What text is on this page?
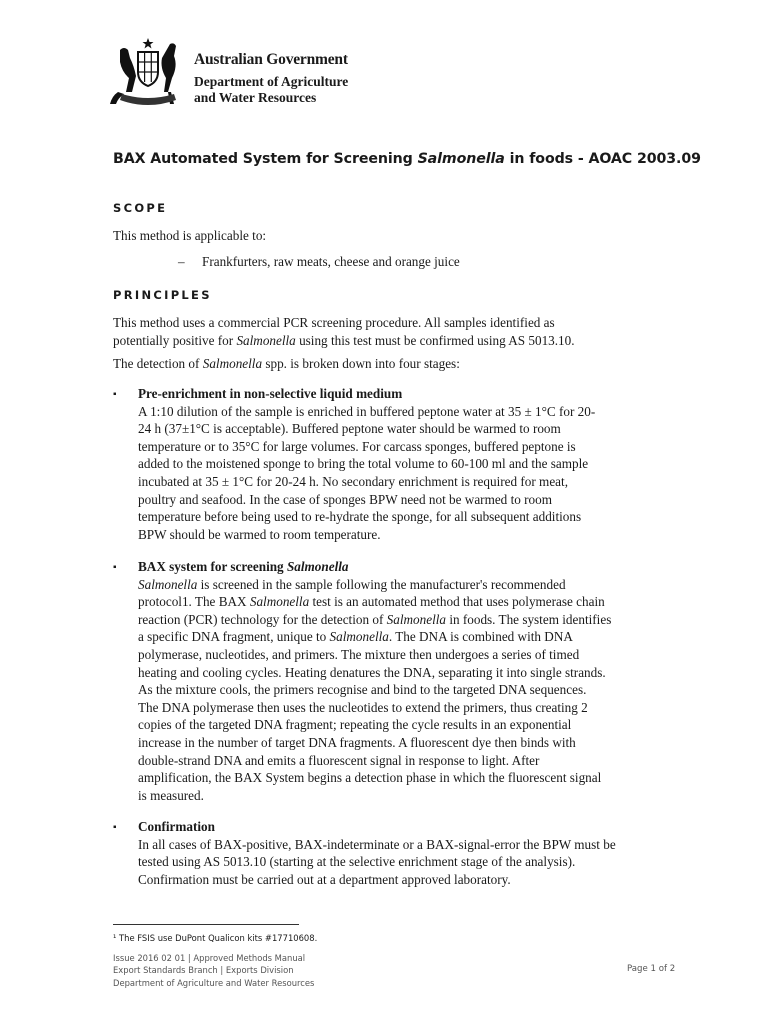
Australian Government
Department of Agriculture
and Water Resources
BAX Automated System for Screening Salmonella in foods - AOAC 2003.09
SCOPE
This method is applicable to:
– Frankfurters, raw meats, cheese and orange juice
PRINCIPLES
This method uses a commercial PCR screening procedure. All samples identified as
potentially positive for Salmonella using this test must be confirmed using AS 5013.10.
The detection of Salmonella spp. is broken down into four stages:
▪ Pre-enrichment in non-selective liquid medium
A 1:10 dilution of the sample is enriched in buffered peptone water at 35 ± 1°C for 20-
24 h (37±1°C is acceptable). Buffered peptone water should be warmed to room
temperature or to 35°C for large volumes. For carcass sponges, buffered peptone is
added to the moistened sponge to bring the total volume to 60-100 ml and the sample
incubated at 35 ± 1°C for 20-24 h. No secondary enrichment is required for meat,
poultry and seafood. In the case of sponges BPW need not be warmed to room
temperature before being used to re-hydrate the sponge, for all subsequent additions
BPW should be warmed to room temperature.
▪ BAX system for screening Salmonella
Salmonella is screened in the sample following the manufacturer's recommended
protocol1. The BAX Salmonella test is an automated method that uses polymerase chain
reaction (PCR) technology for the detection of Salmonella in foods. The system identifies
a specific DNA fragment, unique to Salmonella. The DNA is combined with DNA
polymerase, nucleotides, and primers. The mixture then undergoes a series of timed
heating and cooling cycles. Heating denatures the DNA, separating it into single strands.
As the mixture cools, the primers recognise and bind to the targeted DNA sequences.
The DNA polymerase then uses the nucleotides to extend the primers, thus creating 2
copies of the targeted DNA fragment; repeating the cycle results in an exponential
increase in the number of target DNA fragments. A fluorescent dye then binds with
double-strand DNA and emits a fluorescent signal in response to light. After
amplification, the BAX System begins a detection phase in which the fluorescent signal
is measured.
▪ Confirmation
In all cases of BAX-positive, BAX-indeterminate or a BAX-signal-error the BPW must be
tested using AS 5013.10 (starting at the selective enrichment stage of the analysis).
Confirmation must be carried out at a department approved laboratory.
¹ The FSIS use DuPont Qualicon kits #17710608.
Issue 2016 02 01 | Approved Methods Manual
Export Standards Branch | Exports Division
Department of Agriculture and Water Resources
Page 1 of 2
